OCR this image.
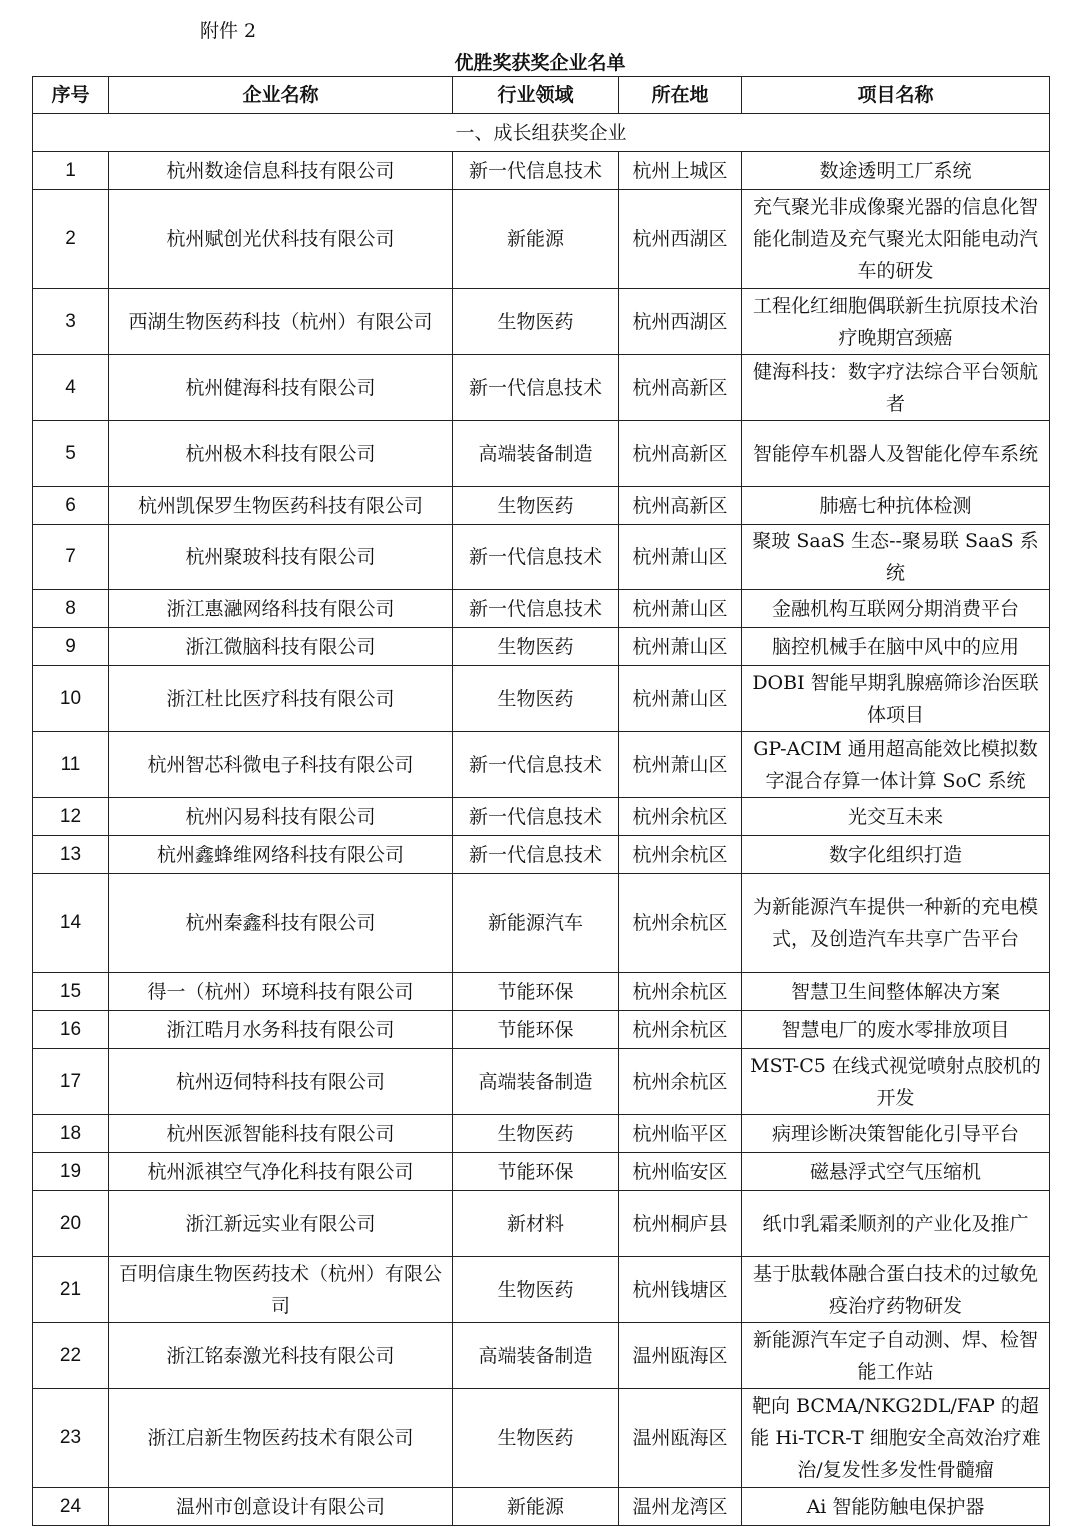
附件 2
优胜奖获奖企业名单
序号	企业名称	行业领域	所在地	项目名称
一、成长组获奖企业				
1	杭州数途信息科技有限公司	新一代信息技术	杭州上城区	数途透明工厂系统
2	杭州赋创光伏科技有限公司	新能源	杭州西湖区	充气聚光非成像聚光器的信息化智能化制造及充气聚光太阳能电动汽车的研发
3	西湖生物医药科技（杭州）有限公司	生物医药	杭州西湖区	工程化红细胞偶联新生抗原技术治疗晚期宫颈癌
4	杭州健海科技有限公司	新一代信息技术	杭州高新区	健海科技：数字疗法综合平台领航者
5	杭州极木科技有限公司	高端装备制造	杭州高新区	智能停车机器人及智能化停车系统
6	杭州凯保罗生物医药科技有限公司	生物医药	杭州高新区	肺癌七种抗体检测
7	杭州聚玻科技有限公司	新一代信息技术	杭州萧山区	聚玻 SaaS 生态--聚易联 SaaS 系统
8	浙江惠瀜网络科技有限公司	新一代信息技术	杭州萧山区	金融机构互联网分期消费平台
9	浙江微脑科技有限公司	生物医药	杭州萧山区	脑控机械手在脑中风中的应用
10	浙江杜比医疗科技有限公司	生物医药	杭州萧山区	DOBI 智能早期乳腺癌筛诊治医联体项目
11	杭州智芯科微电子科技有限公司	新一代信息技术	杭州萧山区	GP-ACIM 通用超高能效比模拟数字混合存算一体计算 SoC 系统
12	杭州闪易科技有限公司	新一代信息技术	杭州余杭区	光交互未来
13	杭州鑫蜂维网络科技有限公司	新一代信息技术	杭州余杭区	数字化组织打造
14	杭州秦鑫科技有限公司	新能源汽车	杭州余杭区	为新能源汽车提供一种新的充电模式，及创造汽车共享广告平台
15	得一（杭州）环境科技有限公司	节能环保	杭州余杭区	智慧卫生间整体解决方案
16	浙江晧月水务科技有限公司	节能环保	杭州余杭区	智慧电厂的废水零排放项目
17	杭州迈伺特科技有限公司	高端装备制造	杭州余杭区	MST-C5 在线式视觉喷射点胶机的开发
18	杭州医派智能科技有限公司	生物医药	杭州临平区	病理诊断决策智能化引导平台
19	杭州派祺空气净化科技有限公司	节能环保	杭州临安区	磁悬浮式空气压缩机
20	浙江新远实业有限公司	新材料	杭州桐庐县	纸巾乳霜柔顺剂的产业化及推广
21	百明信康生物医药技术（杭州）有限公司	生物医药	杭州钱塘区	基于肽载体融合蛋白技术的过敏免疫治疗药物研发
22	浙江铭泰激光科技有限公司	高端装备制造	温州瓯海区	新能源汽车定子自动测、焊、检智能工作站
23	浙江启新生物医药技术有限公司	生物医药	温州瓯海区	靶向 BCMA/NKG2DL/FAP 的超能 Hi-TCR-T 细胞安全高效治疗难治/复发性多发性骨髓瘤
24	温州市创意设计有限公司	新能源	温州龙湾区	Ai 智能防触电保护器
